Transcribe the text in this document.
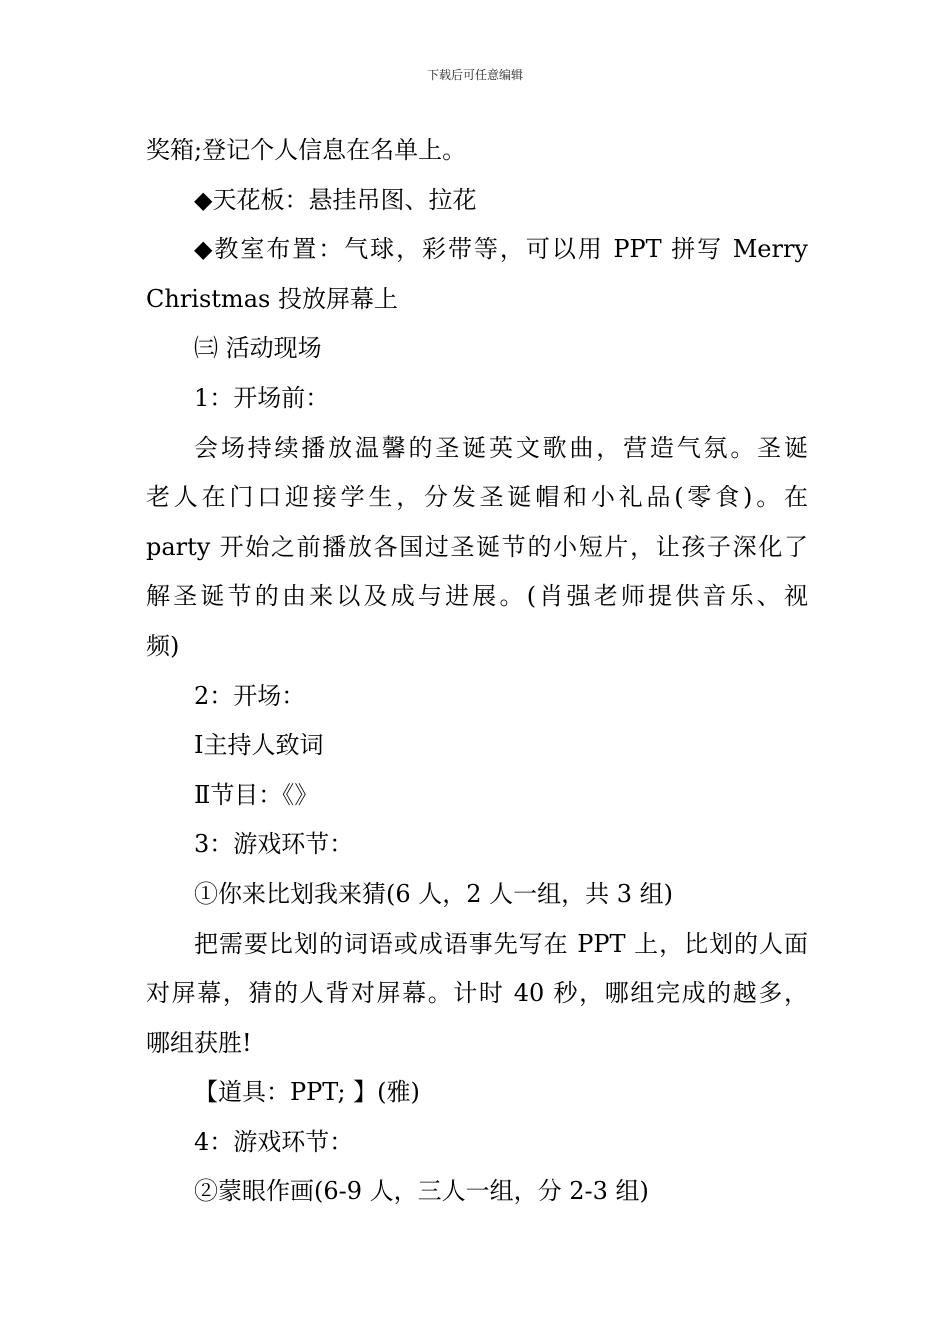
下载后可任意编辑
奖箱;登记个人信息在名单上。
◆天花板：悬挂吊图、拉花
◆教室布置：气球，彩带等，可以用 PPT 拼写 Merry
Christmas 投放屏幕上
㈢ 活动现场
1：开场前：
会场持续播放温馨的圣诞英文歌曲，营造气氛。圣诞
老人在门口迎接学生，分发圣诞帽和小礼品(零食)。在
party 开始之前播放各国过圣诞节的小短片，让孩子深化了
解圣诞节的由来以及成与进展。(肖强老师提供音乐、视
频)
2：开场：
Ⅰ主持人致词
Ⅱ节目：《》
3：游戏环节：
①你来比划我来猜(6 人，2 人一组，共 3 组)
把需要比划的词语或成语事先写在 PPT 上，比划的人面
对屏幕，猜的人背对屏幕。计时 40 秒，哪组完成的越多，
哪组获胜!
【道具：PPT; 】(雅)
4：游戏环节：
②蒙眼作画(6-9 人，三人一组，分 2-3 组)
